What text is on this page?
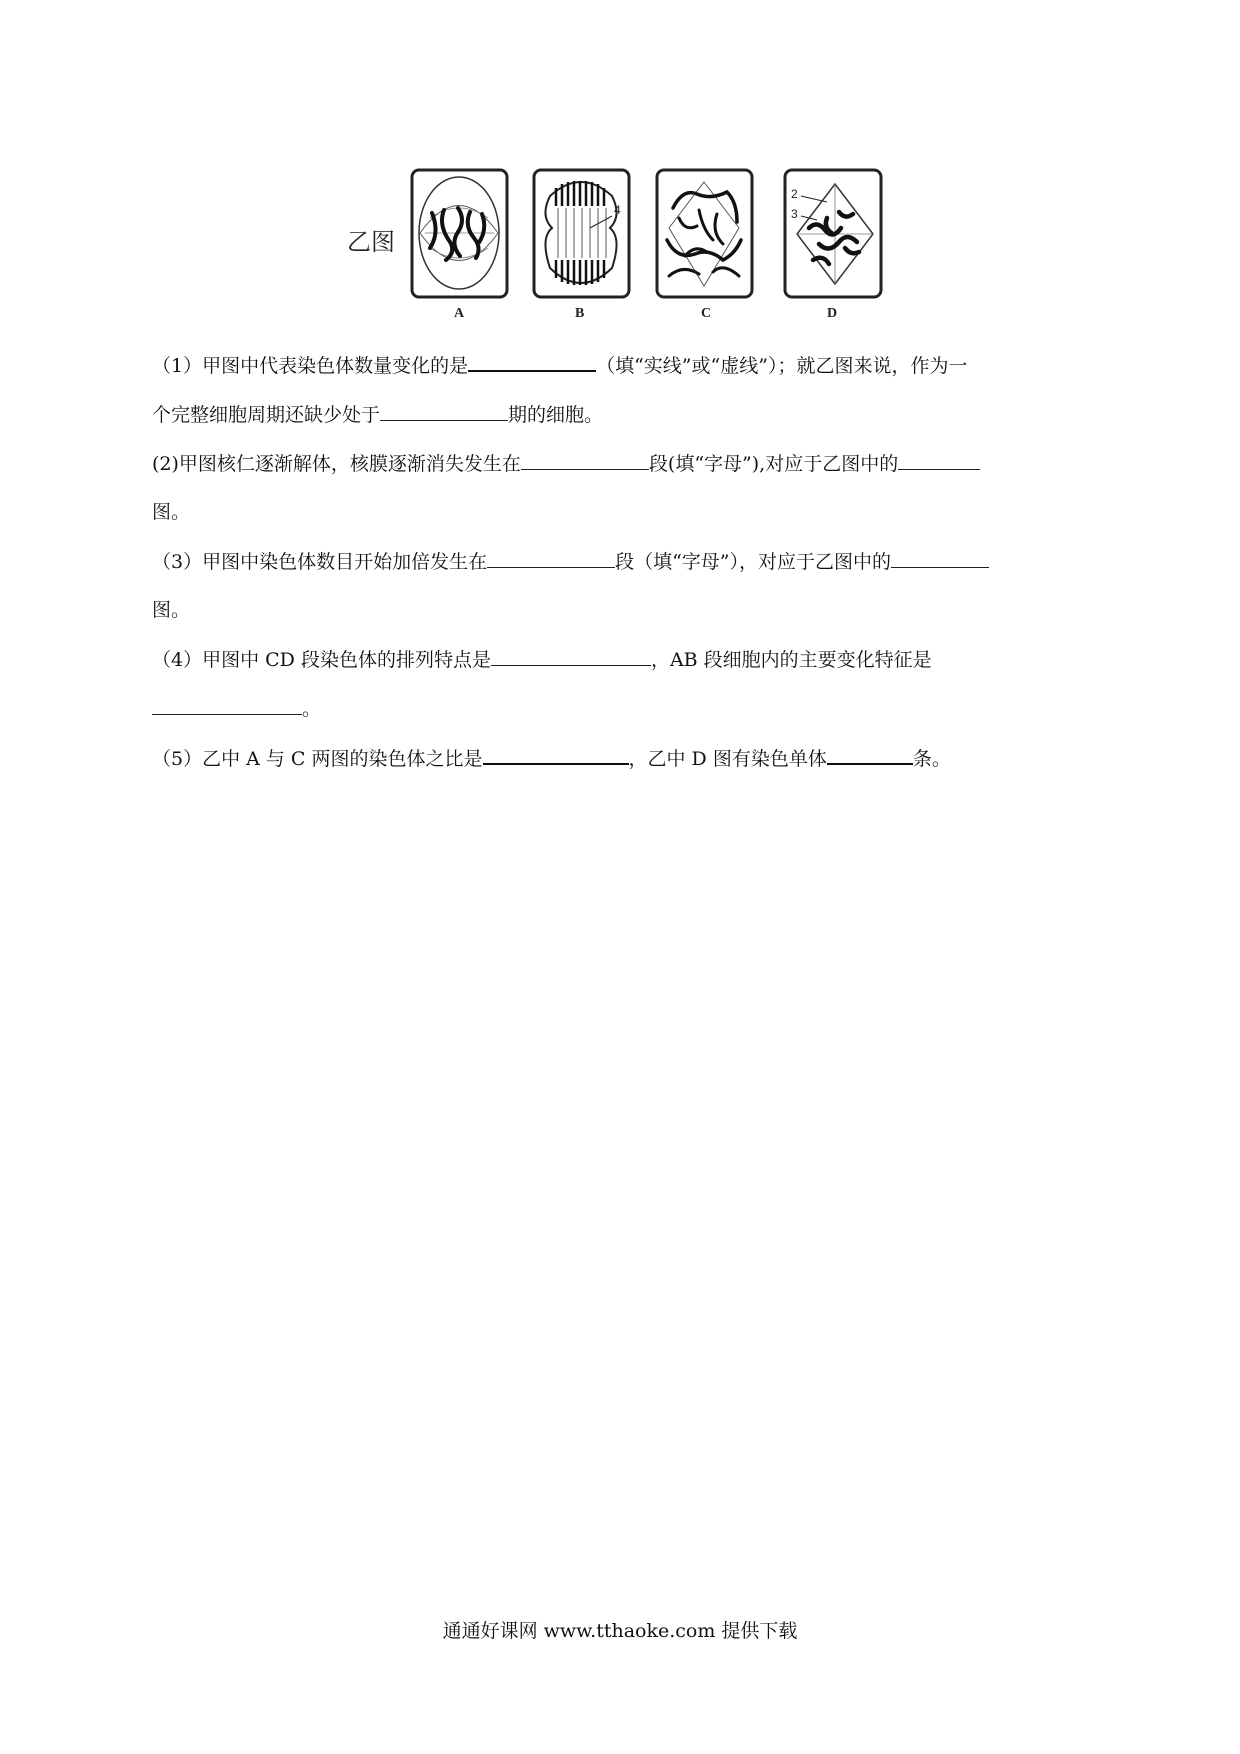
乙图
A
4
B	C
2
3
D
（1）甲图中代表染色体数量变化的是	（填“实线”或“虚线”）；就乙图来说，作为一
个完整细胞周期还缺少处于	期的细胞。
(2)甲图核仁逐渐解体，核膜逐渐消失发生在	段(填“字母”),对应于乙图中的
图。
（3）甲图中染色体数目开始加倍发生在	段（填“字母”），对应于乙图中的
图。
（4）甲图中 CD 段染色体的排列特点是	，AB 段细胞内的主要变化特征是
。
（5）乙中 A 与 C 两图的染色体之比是	，乙中 D 图有染色单体	条。
通通好课网 www.tthaoke.com 提供下载
